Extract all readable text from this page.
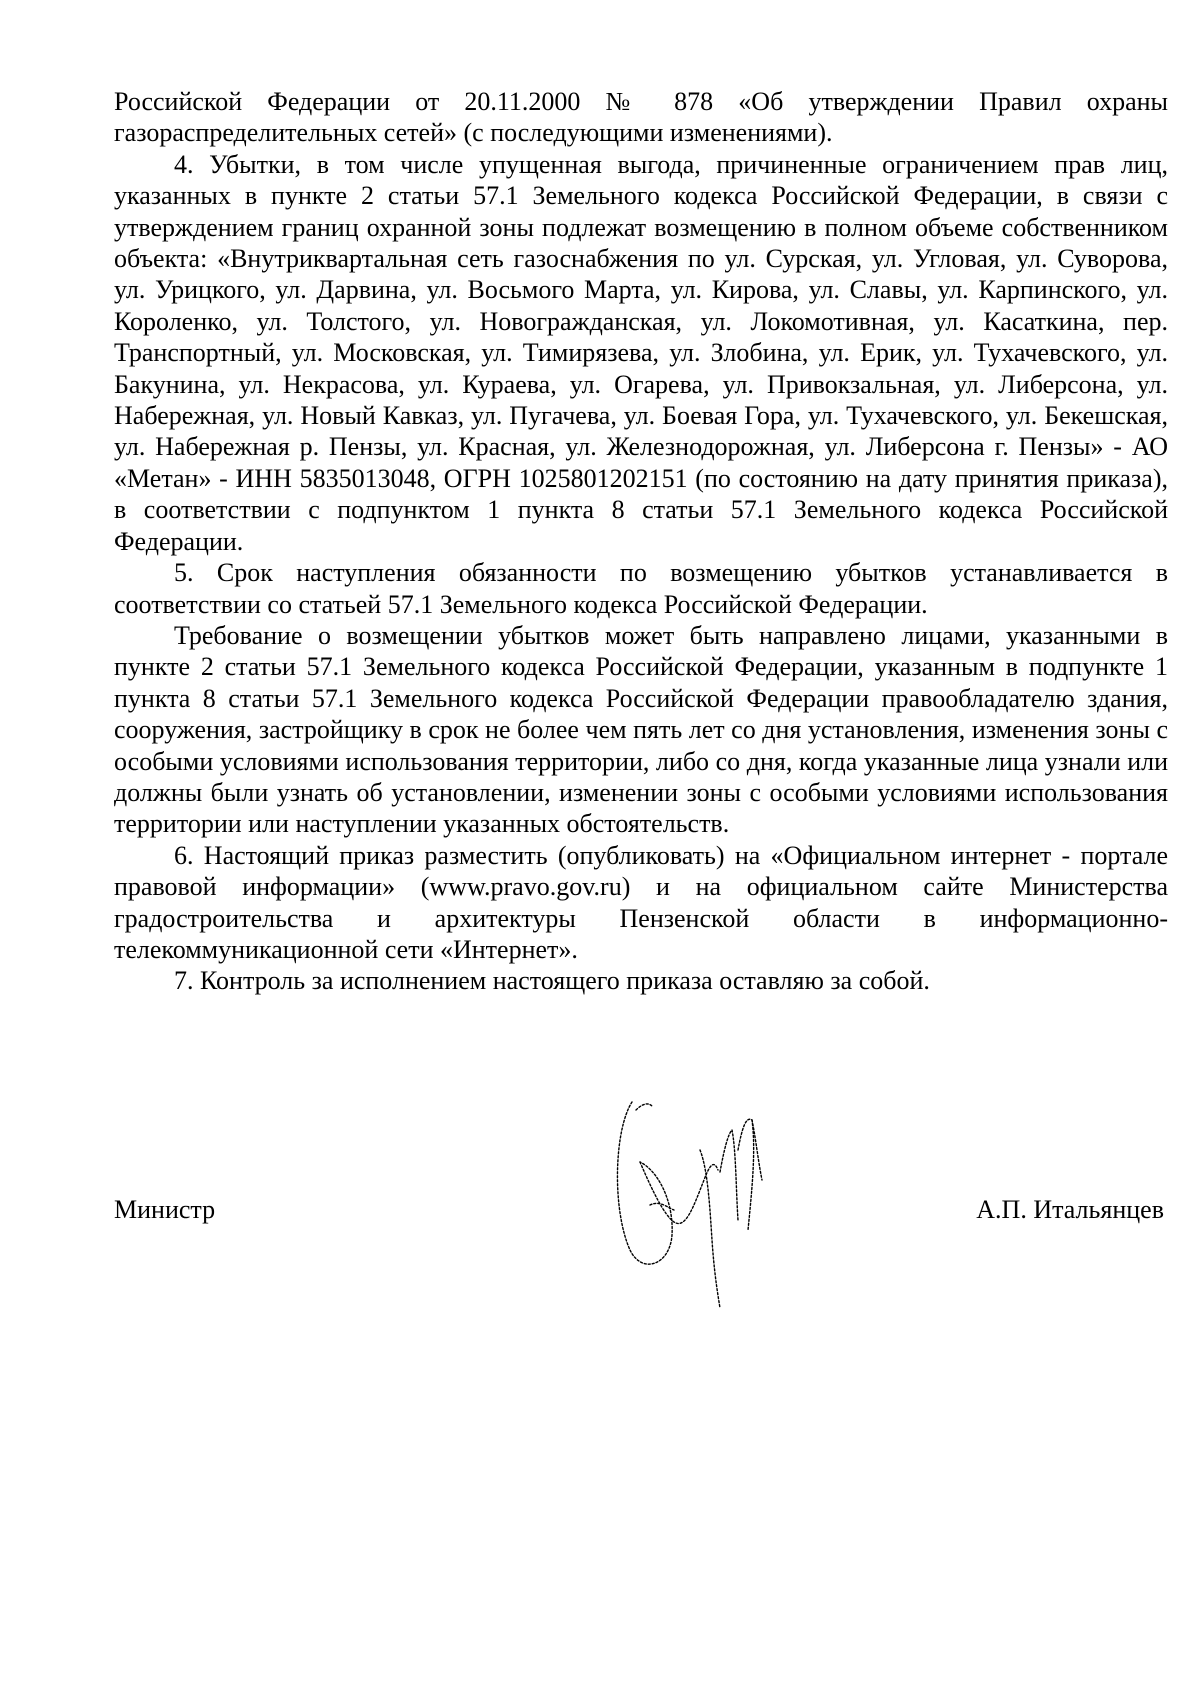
Российской Федерации от 20.11.2000 № 878 «Об утверждении Правил охраны газораспределительных сетей» (с последующими изменениями).

4. Убытки, в том числе упущенная выгода, причиненные ограничением прав лиц, указанных в пункте 2 статьи 57.1 Земельного кодекса Российской Федерации, в связи с утверждением границ охранной зоны подлежат возмещению в полном объеме собственником объекта: «Внутриквартальная сеть газоснабжения по ул. Сурская, ул. Угловая, ул. Суворова, ул. Урицкого, ул. Дарвина, ул. Восьмого Марта, ул. Кирова, ул. Славы, ул. Карпинского, ул. Короленко, ул. Толстого, ул. Новогражданская, ул. Локомотивная, ул. Касаткина, пер. Транспортный, ул. Московская, ул. Тимирязева, ул. Злобина, ул. Ерик, ул. Тухачевского, ул. Бакунина, ул. Некрасова, ул. Кураева, ул. Огарева, ул. Привокзальная, ул. Либерсона, ул. Набережная, ул. Новый Кавказ, ул. Пугачева, ул. Боевая Гора, ул. Тухачевского, ул. Бекешская, ул. Набережная р. Пензы, ул. Красная, ул. Железнодорожная, ул. Либерсона г. Пензы» - АО «Метан» - ИНН 5835013048, ОГРН 1025801202151 (по состоянию на дату принятия приказа), в соответствии с подпунктом 1 пункта 8 статьи 57.1 Земельного кодекса Российской Федерации.

5. Срок наступления обязанности по возмещению убытков устанавливается в соответствии со статьей 57.1 Земельного кодекса Российской Федерации.

Требование о возмещении убытков может быть направлено лицами, указанными в пункте 2 статьи 57.1 Земельного кодекса Российской Федерации, указанным в подпункте 1 пункта 8 статьи 57.1 Земельного кодекса Российской Федерации правообладателю здания, сооружения, застройщику в срок не более чем пять лет со дня установления, изменения зоны с особыми условиями использования территории, либо со дня, когда указанные лица узнали или должны были узнать об установлении, изменении зоны с особыми условиями использования территории или наступлении указанных обстоятельств.

6. Настоящий приказ разместить (опубликовать) на «Официальном интернет - портале правовой информации» (www.pravo.gov.ru) и на официальном сайте Министерства градостроительства и архитектуры Пензенской области в информационно-телекоммуникационной сети «Интернет».

7. Контроль за исполнением настоящего приказа оставляю за собой.

Министр	А.П. Итальянцев
